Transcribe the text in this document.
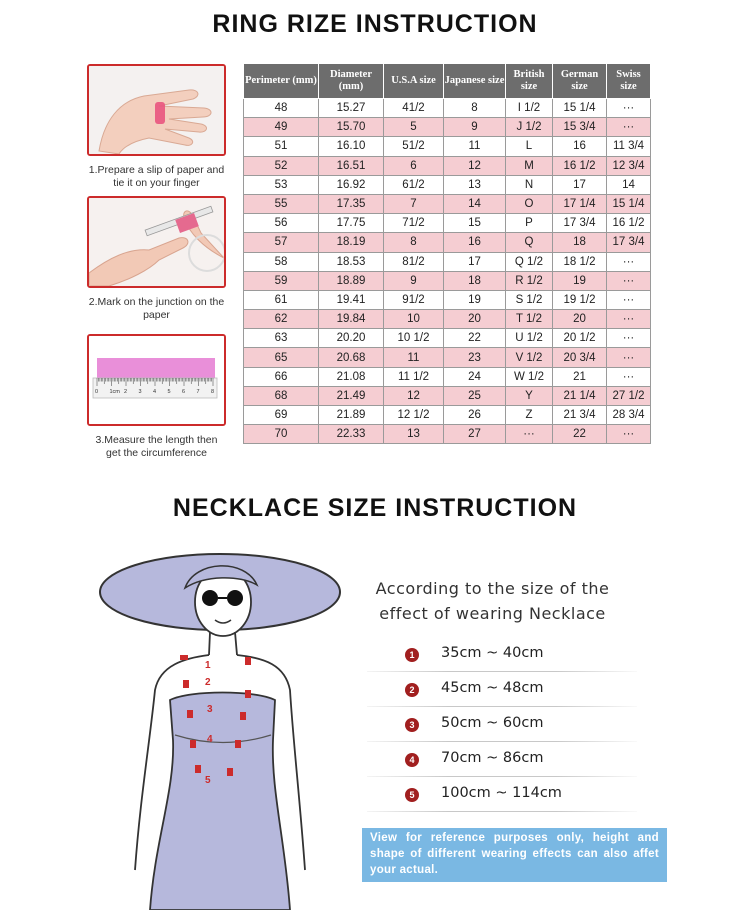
RING RIZE INSTRUCTION
1.Prepare a slip of paper and tie it on your finger
2.Mark on the junction on the paper
0 1cm 2 3 4 5 6 7 8
3.Measure the length then get the circumference
Perimeter (mm)	Diameter (mm)	U.S.A size	Japanese size	British size	German size	Swiss size
48	15.27	41/2	8	I 1/2	15 1/4	···
49	15.70	5	9	J 1/2	15 3/4	···
51	16.10	51/2	11	L	16	11 3/4
52	16.51	6	12	M	16 1/2	12 3/4
53	16.92	61/2	13	N	17	14
55	17.35	7	14	O	17 1/4	15 1/4
56	17.75	71/2	15	P	17 3/4	16 1/2
57	18.19	8	16	Q	18	17 3/4
58	18.53	81/2	17	Q 1/2	18 1/2	···
59	18.89	9	18	R 1/2	19	···
61	19.41	91/2	19	S 1/2	19 1/2	···
62	19.84	10	20	T 1/2	20	···
63	20.20	10 1/2	22	U 1/2	20 1/2	···
65	20.68	11	23	V 1/2	20 3/4	···
66	21.08	11 1/2	24	W 1/2	21	···
68	21.49	12	25	Y	21 1/4	27 1/2
69	21.89	12 1/2	26	Z	21 3/4	28 3/4
70	22.33	13	27	···	22	···
NECKLACE SIZE INSTRUCTION
1
2
3
4
5
According to the size of the
effect of wearing Necklace
1	35cm ~ 40cm
2	45cm ~ 48cm
3	50cm ~ 60cm
4	70cm ~ 86cm
5	100cm ~ 114cm
View for reference purposes only, height and shape of different wearing effects can also affet your actual.
